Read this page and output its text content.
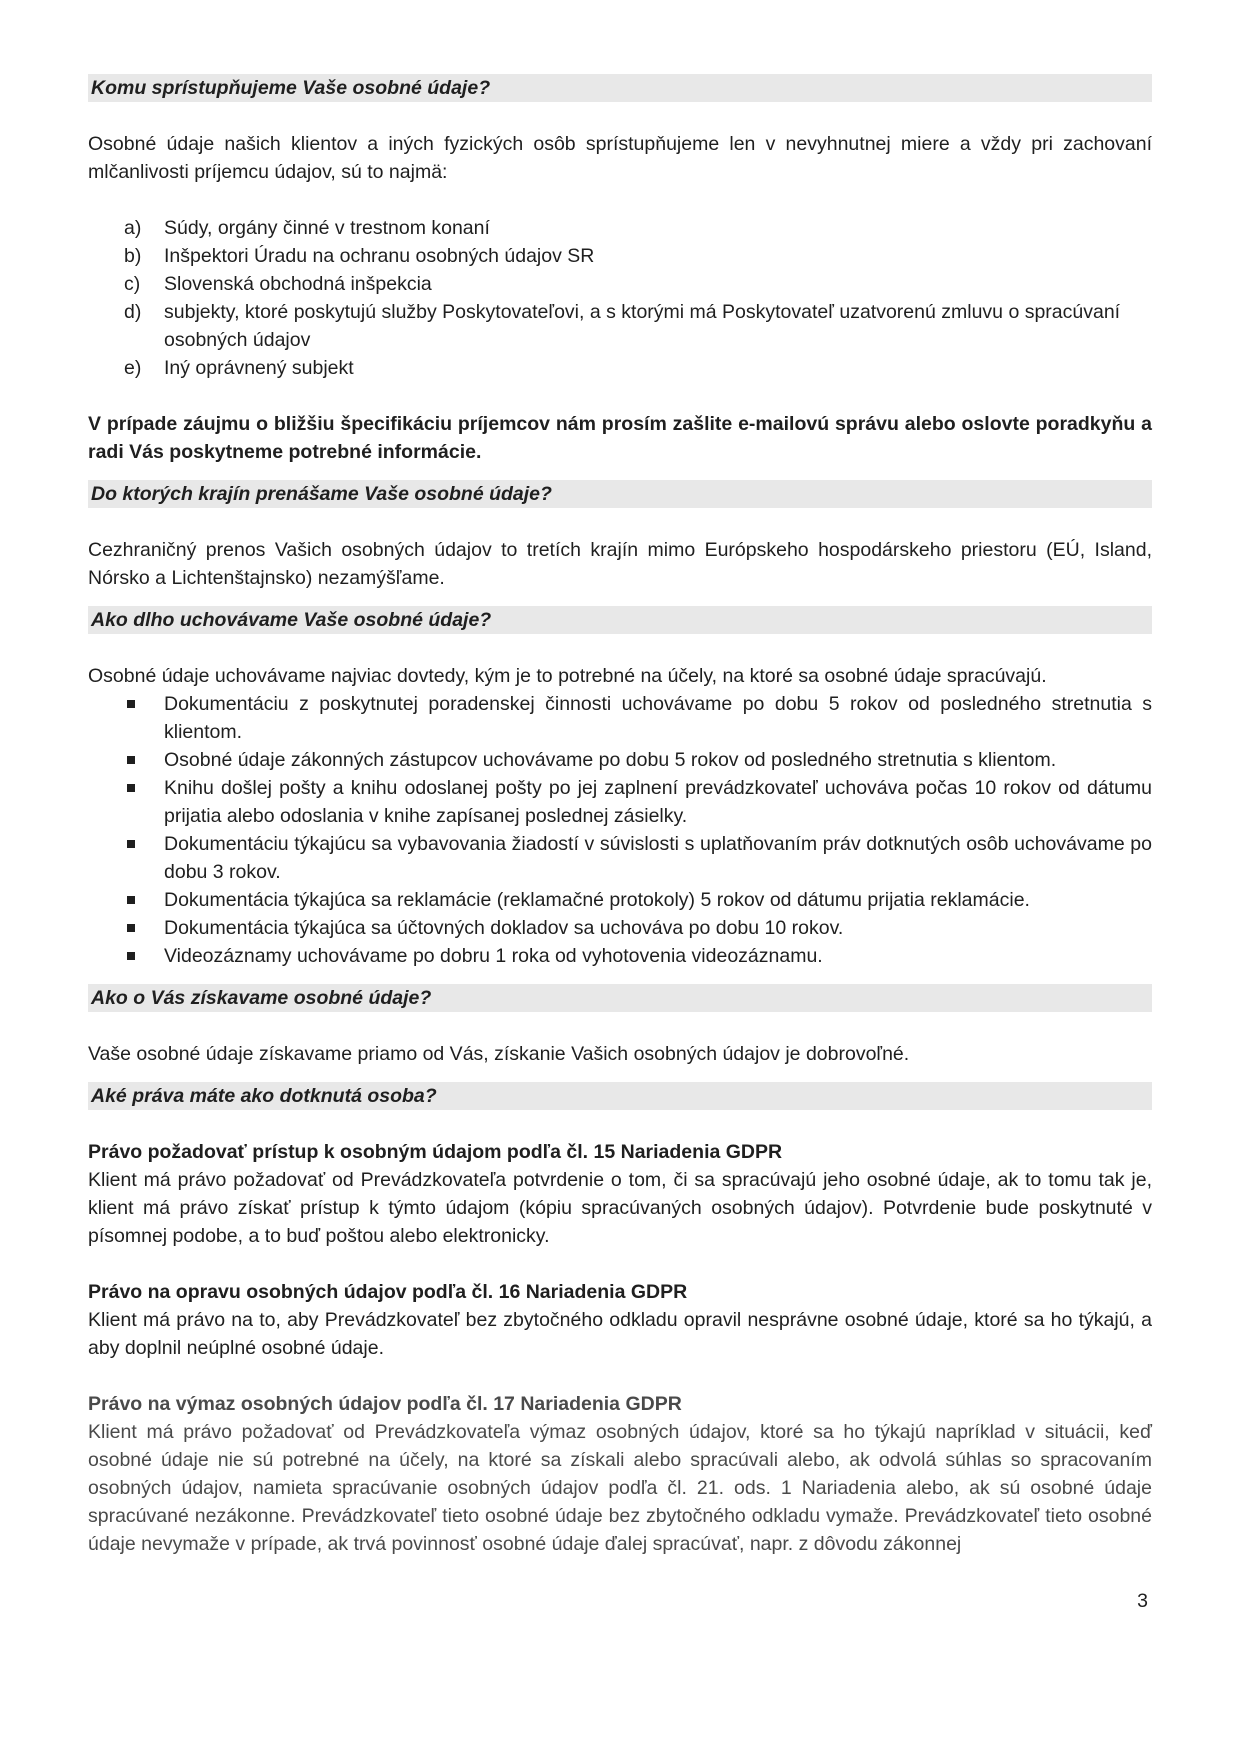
Komu sprístupňujeme Vaše osobné údaje?

Osobné údaje našich klientov a iných fyzických osôb sprístupňujeme len v nevyhnutnej miere a vždy pri zachovaní mlčanlivosti príjemcu údajov, sú to najmä:

a) Súdy, orgány činné v trestnom konaní
b) Inšpektori Úradu na ochranu osobných údajov SR
c) Slovenská obchodná inšpekcia
d) subjekty, ktoré poskytujú služby Poskytovateľovi, a s ktorými má Poskytovateľ uzatvorenú zmluvu o spracúvaní osobných údajov
e) Iný oprávnený subjekt

V prípade záujmu o bližšiu špecifikáciu príjemcov nám prosím zašlite e-mailovú správu alebo oslovte poradkyňu a radi Vás poskytneme potrebné informácie.

Do ktorých krajín prenášame Vaše osobné údaje?

Cezhraničný prenos Vašich osobných údajov to tretích krajín mimo Európskeho hospodárskeho priestoru (EÚ, Island, Nórsko a Lichtenštajnsko) nezamýšľame.

Ako dlho uchovávame Vaše osobné údaje?

Osobné údaje uchovávame najviac dovtedy, kým je to potrebné na účely, na ktoré sa osobné údaje spracúvajú.

Dokumentáciu z poskytnutej poradenskej činnosti uchovávame po dobu 5 rokov od posledného stretnutia s klientom.
Osobné údaje zákonných zástupcov uchovávame po dobu 5 rokov od posledného stretnutia s klientom.
Knihu došlej pošty a knihu odoslanej pošty po jej zaplnení prevádzkovateľ uchováva počas 10 rokov od dátumu prijatia alebo odoslania v knihe zapísanej poslednej zásielky.
Dokumentáciu týkajúcu sa vybavovania žiadostí v súvislosti s uplatňovaním práv dotknutých osôb uchovávame po dobu 3 rokov.
Dokumentácia týkajúca sa reklamácie (reklamačné protokoly) 5 rokov od dátumu prijatia reklamácie.
Dokumentácia týkajúca sa účtovných dokladov sa uchováva po dobu 10 rokov.
Videozáznamy uchovávame po dobru 1 roka od vyhotovenia videozáznamu.
Ako o Vás získavame osobné údaje?

Vaše osobné údaje získavame priamo od Vás, získanie Vašich osobných údajov je dobrovoľné.

Aké práva máte ako dotknutá osoba?

Právo požadovať prístup k osobným údajom podľa čl. 15 Nariadenia GDPR

Klient má právo požadovať od Prevádzkovateľa potvrdenie o tom, či sa spracúvajú jeho osobné údaje, ak to tomu tak je, klient má právo získať prístup k týmto údajom (kópiu spracúvaných osobných údajov). Potvrdenie bude poskytnuté v písomnej podobe, a to buď poštou alebo elektronicky.

Právo na opravu osobných údajov podľa čl. 16 Nariadenia GDPR

Klient má právo na to, aby Prevádzkovateľ bez zbytočného odkladu opravil nesprávne osobné údaje, ktoré sa ho týkajú, a aby doplnil neúplné osobné údaje.

Právo na výmaz osobných údajov podľa čl. 17 Nariadenia GDPR

Klient má právo požadovať od Prevádzkovateľa výmaz osobných údajov, ktoré sa ho týkajú napríklad v situácii, keď osobné údaje nie sú potrebné na účely, na ktoré sa získali alebo spracúvali alebo, ak odvolá súhlas so spracovaním osobných údajov, namieta spracúvanie osobných údajov podľa čl. 21. ods. 1 Nariadenia alebo, ak sú osobné údaje spracúvané nezákonne. Prevádzkovateľ tieto osobné údaje bez zbytočného odkladu vymaže. Prevádzkovateľ tieto osobné údaje nevymaže v prípade, ak trvá povinnosť osobné údaje ďalej spracúvať, napr. z dôvodu zákonnej

3
